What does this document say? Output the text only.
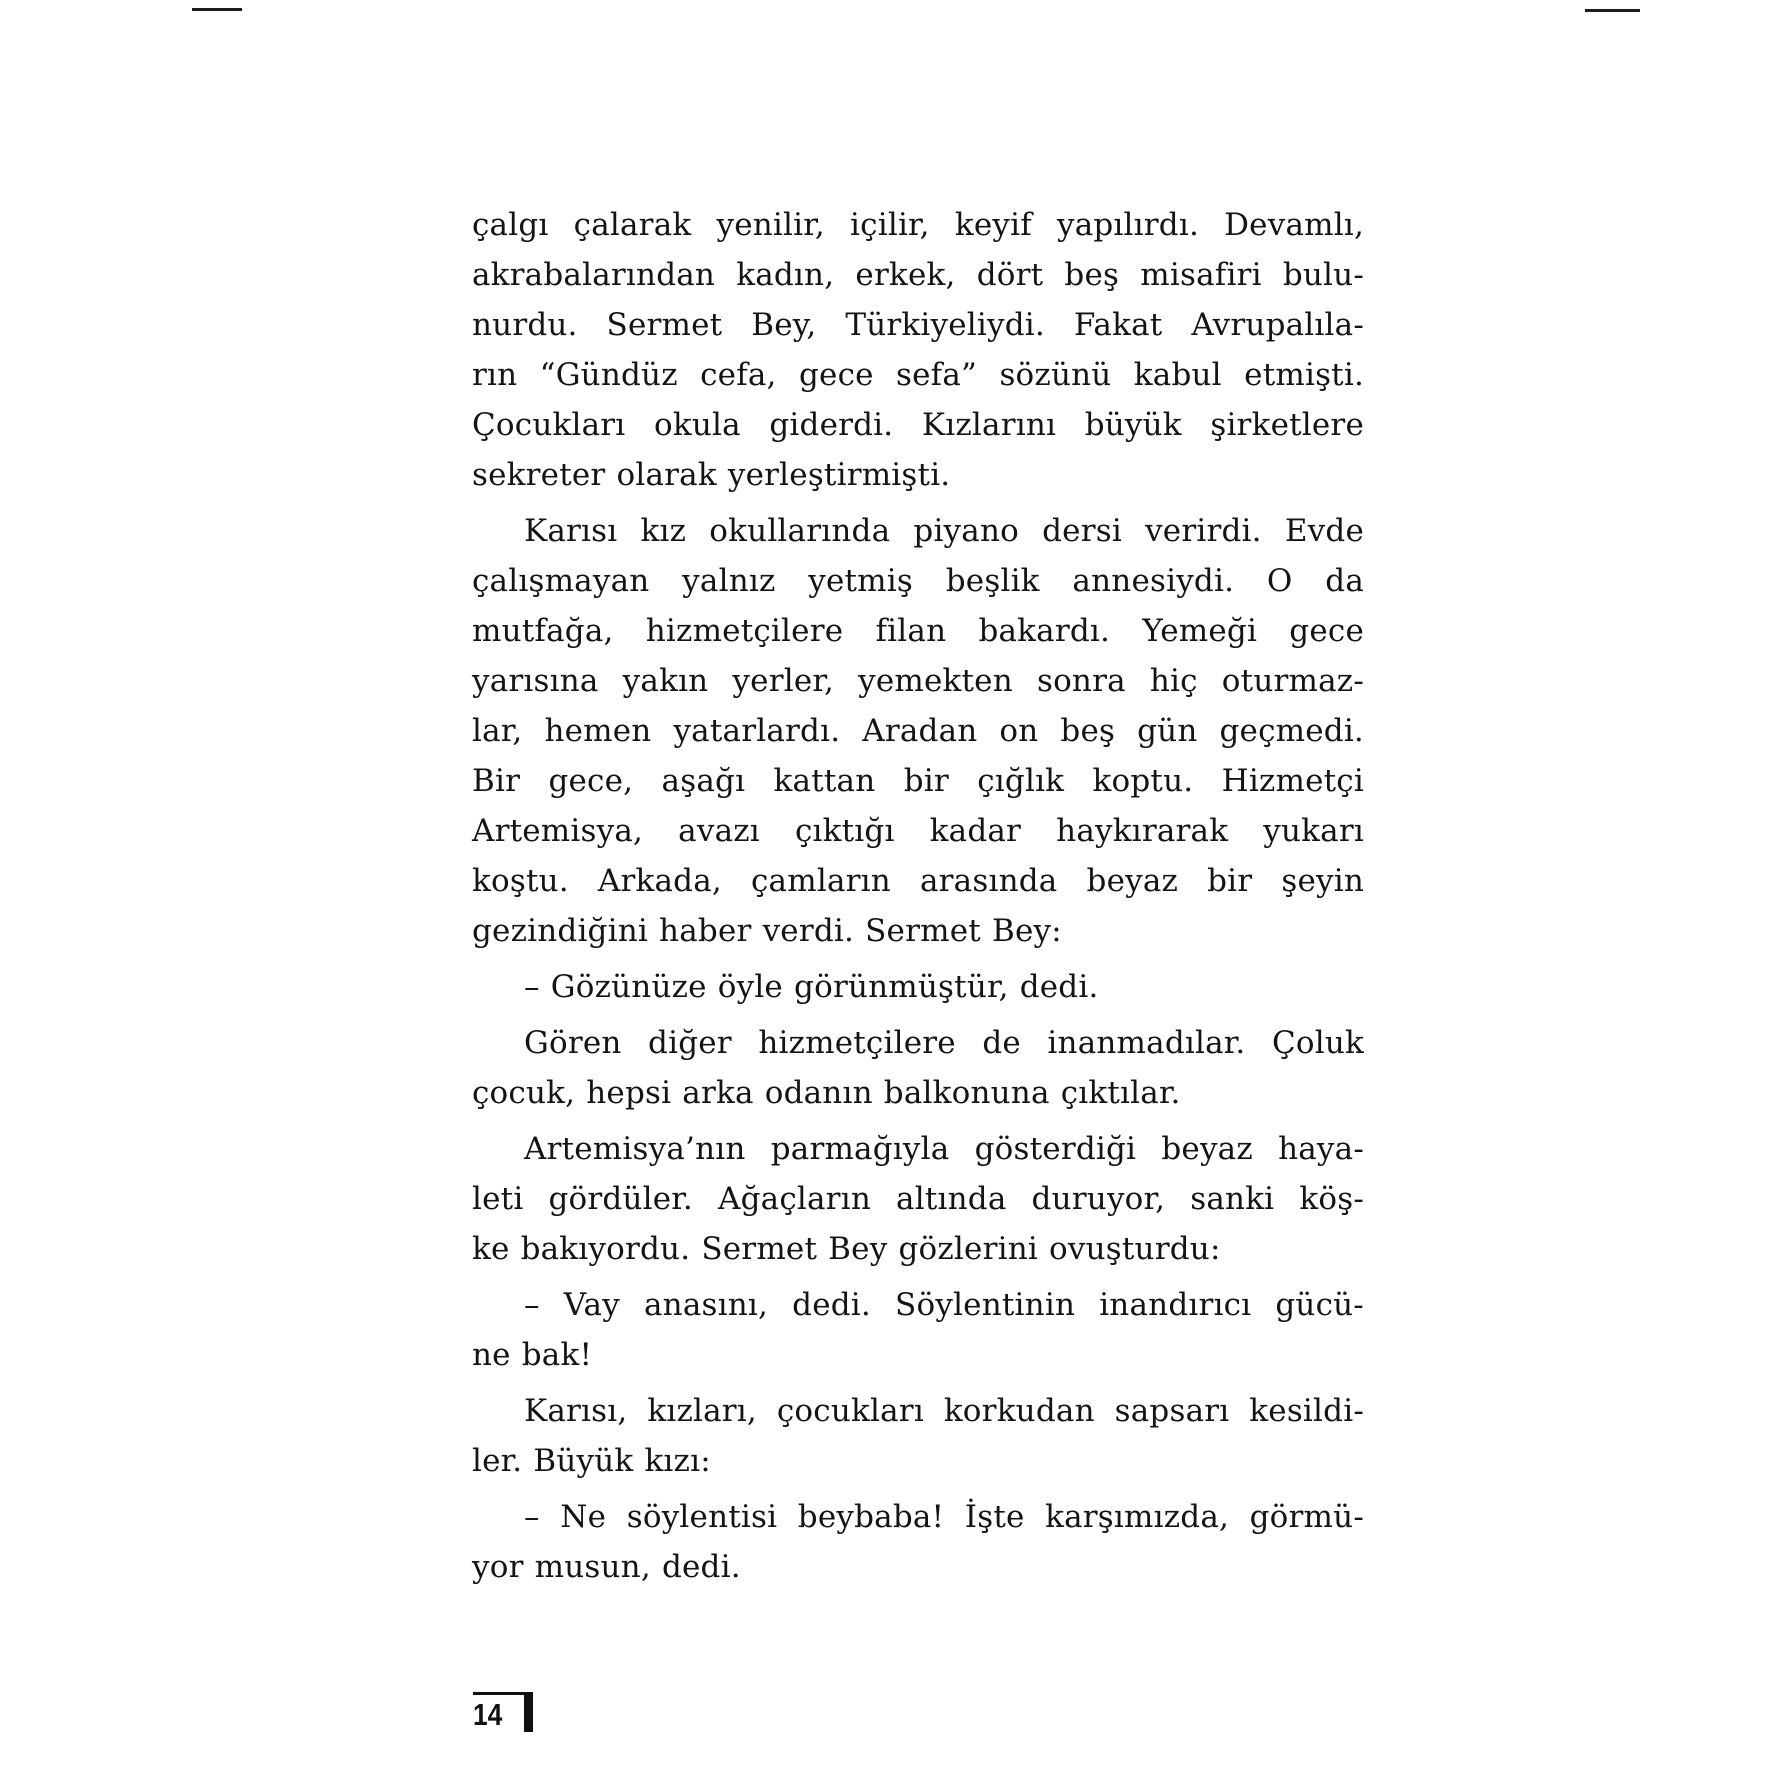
çalgı çalarak yenilir, içilir, keyif yapılırdı. Devamlı,
akrabalarından kadın, erkek, dört beş misafiri bulu-
nurdu. Sermet Bey, Türkiyeliydi. Fakat Avrupalıla-
rın “Gündüz cefa, gece sefa” sözünü kabul etmişti.
Çocukları okula giderdi. Kızlarını büyük şirketlere
sekreter olarak yerleştirmişti.
Karısı kız okullarında piyano dersi verirdi. Evde
çalışmayan yalnız yetmiş beşlik annesiydi. O da
mutfağa, hizmetçilere filan bakardı. Yemeği gece
yarısına yakın yerler, yemekten sonra hiç oturmaz-
lar, hemen yatarlardı. Aradan on beş gün geçmedi.
Bir gece, aşağı kattan bir çığlık koptu. Hizmetçi
Artemisya, avazı çıktığı kadar haykırarak yukarı
koştu. Arkada, çamların arasında beyaz bir şeyin
gezindiğini haber verdi. Sermet Bey:
– Gözünüze öyle görünmüştür, dedi.
Gören diğer hizmetçilere de inanmadılar. Çoluk
çocuk, hepsi arka odanın balkonuna çıktılar.
Artemisya’nın parmağıyla gösterdiği beyaz haya-
leti gördüler. Ağaçların altında duruyor, sanki köş-
ke bakıyordu. Sermet Bey gözlerini ovuşturdu:
– Vay anasını, dedi. Söylentinin inandırıcı gücü-
ne bak!
Karısı, kızları, çocukları korkudan sapsarı kesildi-
ler. Büyük kızı:
– Ne söylentisi beybaba! İşte karşımızda, görmü-
yor musun, dedi.
14
